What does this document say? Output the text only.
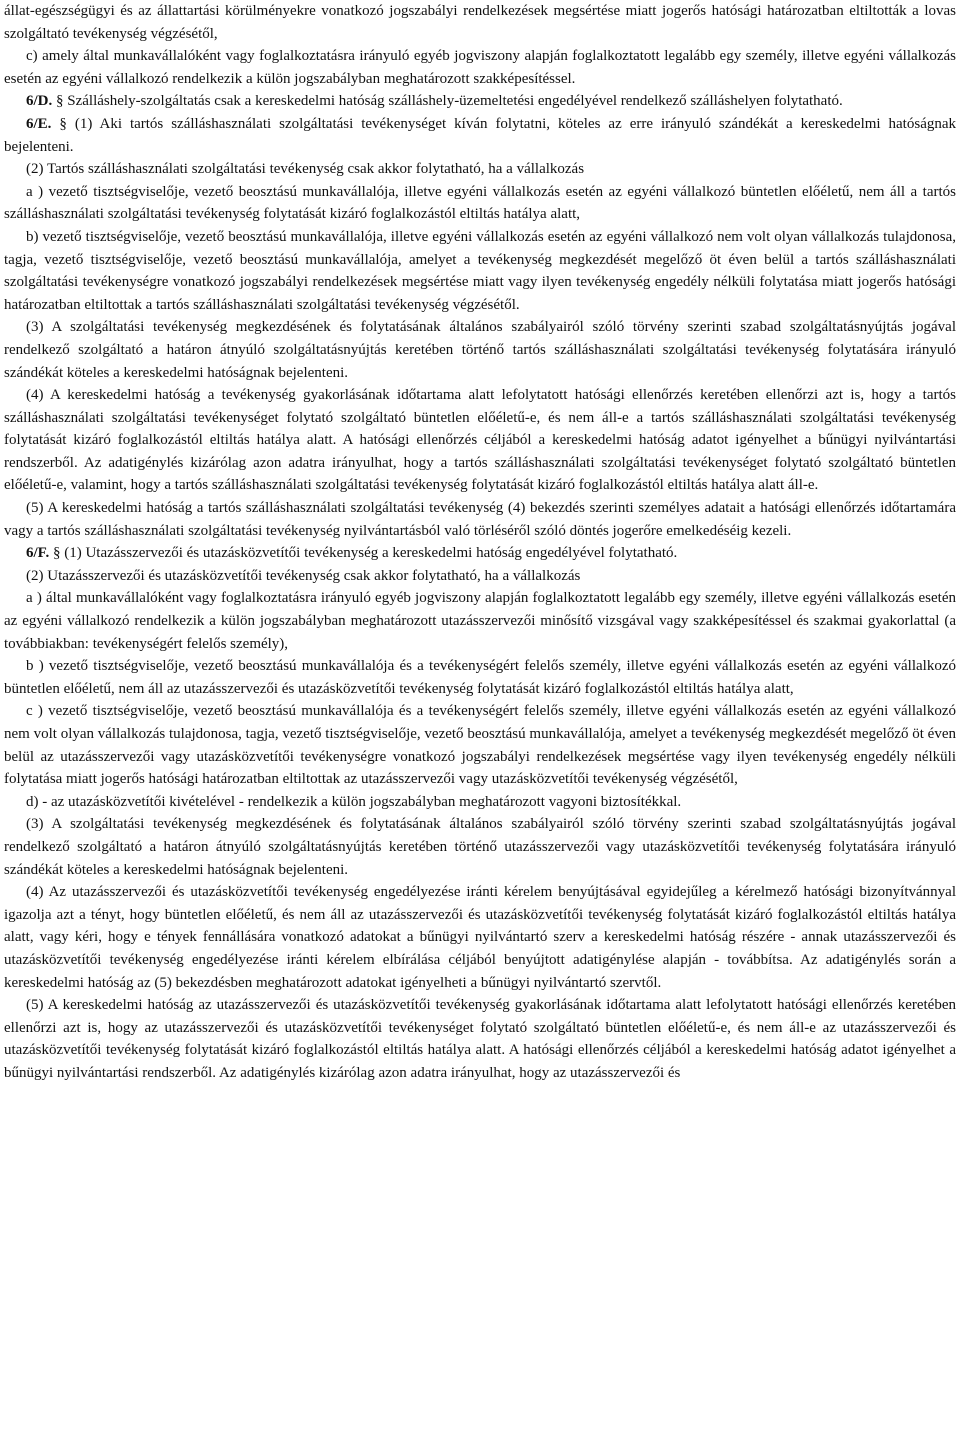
állat-egészségügyi és az állattartási körülményekre vonatkozó jogszabályi rendelkezések megsértése miatt jogerős hatósági határozatban eltiltották a lovas szolgáltató tevékenység végzésétől,

c) amely által munkavállalóként vagy foglalkoztatásra irányuló egyéb jogviszony alapján foglalkoztatott legalább egy személy, illetve egyéni vállalkozás esetén az egyéni vállalkozó rendelkezik a külön jogszabályban meghatározott szakképesítéssel.

6/D. § Szálláshely-szolgáltatás csak a kereskedelmi hatóság szálláshely-üzemeltetési engedélyével rendelkező szálláshelyen folytatható.

6/E. § (1) Aki tartós szálláshasználati szolgáltatási tevékenységet kíván folytatni, köteles az erre irányuló szándékát a kereskedelmi hatóságnak bejelenteni.

(2) Tartós szálláshasználati szolgáltatási tevékenység csak akkor folytatható, ha a vállalkozás

a ) vezető tisztségviselője, vezető beosztású munkavállalója, illetve egyéni vállalkozás esetén az egyéni vállalkozó büntetlen előéletű, nem áll a tartós szálláshasználati szolgáltatási tevékenység folytatását kizáró foglalkozástól eltiltás hatálya alatt,

b) vezető tisztségviselője, vezető beosztású munkavállalója, illetve egyéni vállalkozás esetén az egyéni vállalkozó nem volt olyan vállalkozás tulajdonosa, tagja, vezető tisztségviselője, vezető beosztású munkavállalója, amelyet a tevékenység megkezdését megelőző öt éven belül a tartós szálláshasználati szolgáltatási tevékenységre vonatkozó jogszabályi rendelkezések megsértése miatt vagy ilyen tevékenység engedély nélküli folytatása miatt jogerős hatósági határozatban eltiltottak a tartós szálláshasználati szolgáltatási tevékenység végzésétől.

(3) A szolgáltatási tevékenység megkezdésének és folytatásának általános szabályairól szóló törvény szerinti szabad szolgáltatásnyújtás jogával rendelkező szolgáltató a határon átnyúló szolgáltatásnyújtás keretében történő tartós szálláshasználati szolgáltatási tevékenység folytatására irányuló szándékát köteles a kereskedelmi hatóságnak bejelenteni.

(4) A kereskedelmi hatóság a tevékenység gyakorlásának időtartama alatt lefolytatott hatósági ellenőrzés keretében ellenőrzi azt is, hogy a tartós szálláshasználati szolgáltatási tevékenységet folytató szolgáltató büntetlen előéletű-e, és nem áll-e a tartós szálláshasználati szolgáltatási tevékenység folytatását kizáró foglalkozástól eltiltás hatálya alatt. A hatósági ellenőrzés céljából a kereskedelmi hatóság adatot igényelhet a bűnügyi nyilvántartási rendszerből. Az adatigénylés kizárólag azon adatra irányulhat, hogy a tartós szálláshasználati szolgáltatási tevékenységet folytató szolgáltató büntetlen előéletű-e, valamint, hogy a tartós szálláshasználati szolgáltatási tevékenység folytatását kizáró foglalkozástól eltiltás hatálya alatt áll-e.

(5) A kereskedelmi hatóság a tartós szálláshasználati szolgáltatási tevékenység (4) bekezdés szerinti személyes adatait a hatósági ellenőrzés időtartamára vagy a tartós szálláshasználati szolgáltatási tevékenység nyilvántartásból való törléséről szóló döntés jogerőre emelkedéséig kezeli.

6/F. § (1) Utazásszervezői és utazásközvetítői tevékenység a kereskedelmi hatóság engedélyével folytatható.

(2) Utazásszervezői és utazásközvetítői tevékenység csak akkor folytatható, ha a vállalkozás

a ) által munkavállalóként vagy foglalkoztatásra irányuló egyéb jogviszony alapján foglalkoztatott legalább egy személy, illetve egyéni vállalkozás esetén az egyéni vállalkozó rendelkezik a külön jogszabályban meghatározott utazásszervezői minősítő vizsgával vagy szakképesítéssel és szakmai gyakorlattal (a továbbiakban: tevékenységért felelős személy),

b ) vezető tisztségviselője, vezető beosztású munkavállalója és a tevékenységért felelős személy, illetve egyéni vállalkozás esetén az egyéni vállalkozó büntetlen előéletű, nem áll az utazásszervezői és utazásközvetítői tevékenység folytatását kizáró foglalkozástól eltiltás hatálya alatt,

c ) vezető tisztségviselője, vezető beosztású munkavállalója és a tevékenységért felelős személy, illetve egyéni vállalkozás esetén az egyéni vállalkozó nem volt olyan vállalkozás tulajdonosa, tagja, vezető tisztségviselője, vezető beosztású munkavállalója, amelyet a tevékenység megkezdését megelőző öt éven belül az utazásszervezői vagy utazásközvetítői tevékenységre vonatkozó jogszabályi rendelkezések megsértése vagy ilyen tevékenység engedély nélküli folytatása miatt jogerős hatósági határozatban eltiltottak az utazásszervezői vagy utazásközvetítői tevékenység végzésétől,

d) - az utazásközvetítői kivételével - rendelkezik a külön jogszabályban meghatározott vagyoni biztosítékkal.

(3) A szolgáltatási tevékenység megkezdésének és folytatásának általános szabályairól szóló törvény szerinti szabad szolgáltatásnyújtás jogával rendelkező szolgáltató a határon átnyúló szolgáltatásnyújtás keretében történő utazásszervezői vagy utazásközvetítői tevékenység folytatására irányuló szándékát köteles a kereskedelmi hatóságnak bejelenteni.

(4) Az utazásszervezői és utazásközvetítői tevékenység engedélyezése iránti kérelem benyújtásával egyidejűleg a kérelmező hatósági bizonyítvánnyal igazolja azt a tényt, hogy büntetlen előéletű, és nem áll az utazásszervezői és utazásközvetítői tevékenység folytatását kizáró foglalkozástól eltiltás hatálya alatt, vagy kéri, hogy e tények fennállására vonatkozó adatokat a bűnügyi nyilvántartó szerv a kereskedelmi hatóság részére - annak utazásszervezői és utazásközvetítői tevékenység engedélyezése iránti kérelem elbírálása céljából benyújtott adatigénylése alapján - továbbítsa. Az adatigénylés során a kereskedelmi hatóság az (5) bekezdésben meghatározott adatokat igényelheti a bűnügyi nyilvántartó szervtől.

(5) A kereskedelmi hatóság az utazásszervezői és utazásközvetítői tevékenység gyakorlásának időtartama alatt lefolytatott hatósági ellenőrzés keretében ellenőrzi azt is, hogy az utazásszervezői és utazásközvetítői tevékenységet folytató szolgáltató büntetlen előéletű-e, és nem áll-e az utazásszervezői és utazásközvetítői tevékenység folytatását kizáró foglalkozástól eltiltás hatálya alatt. A hatósági ellenőrzés céljából a kereskedelmi hatóság adatot igényelhet a bűnügyi nyilvántartási rendszerből. Az adatigénylés kizárólag azon adatra irányulhat, hogy az utazásszervezői és
